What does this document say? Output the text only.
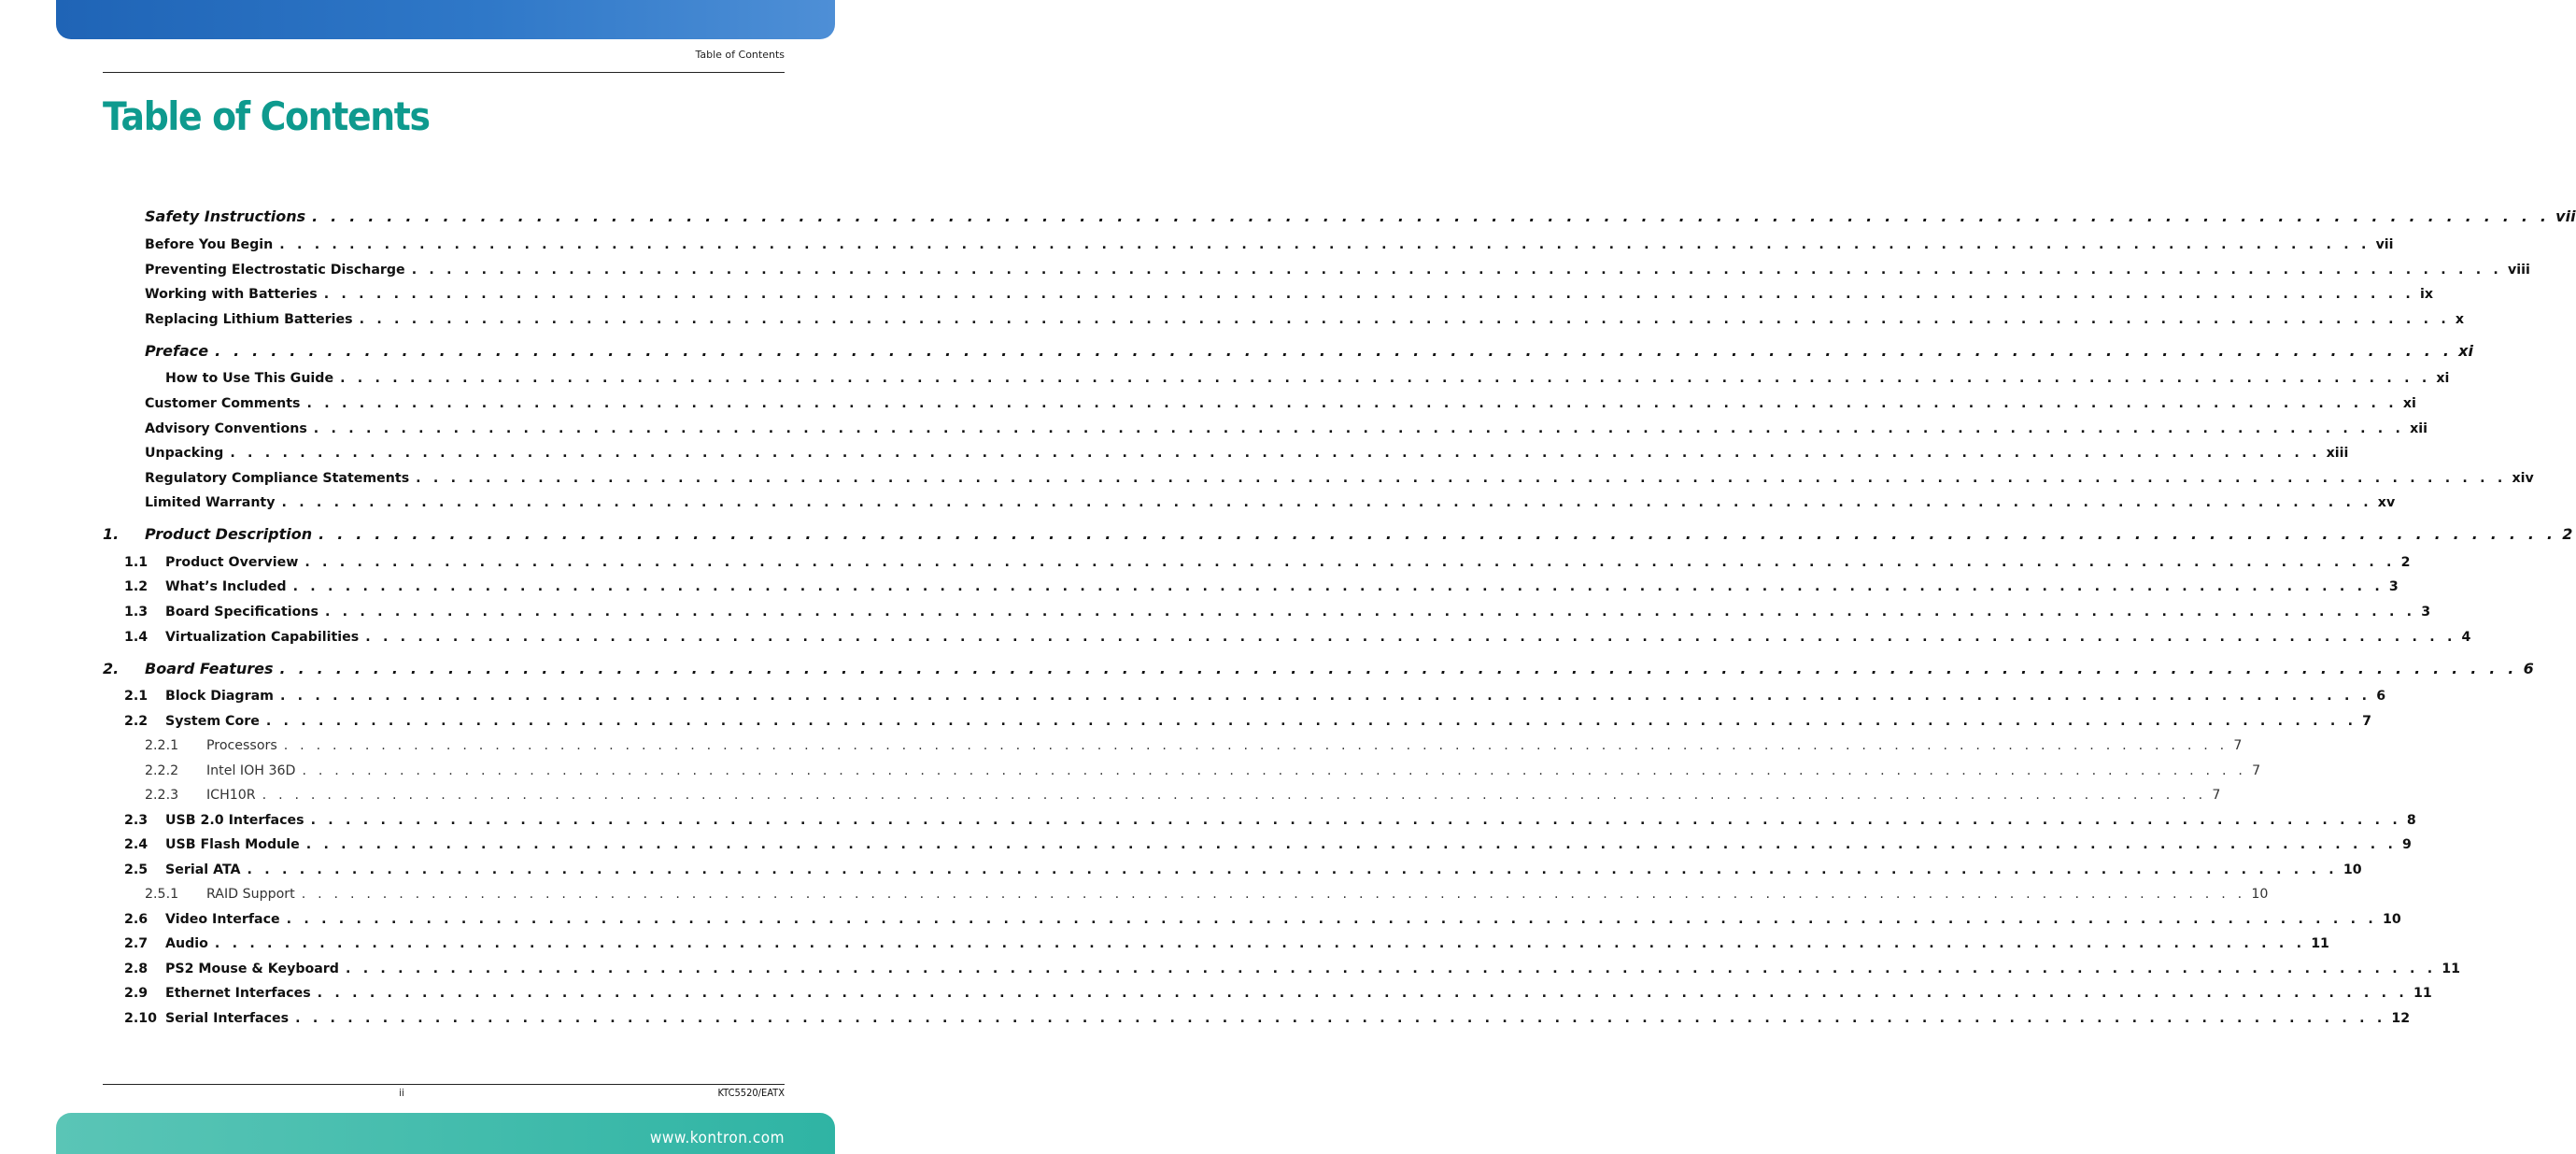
Table of Contents
Table of Contents
Safety Instructions . . . . . . . . . . . . . . . . . . . . . . . . . . . . . . . . . . . . . . . . . . . . . . . . . . . . . . . . . . . . . . . . . . . . . . . . . . . . . . . . . . . . . . . . . . . . . . . . . . . . . . . . . . . . . . . . . . . . . . . . vii
Before You Begin . . . . . . . . . . . . . . . . . . . . . . . . . . . . . . . . . . . . . . . . . . . . . . . . . . . . . . . . . . . . . . . . . . . . . . . . . . . . . . . . . . . . . . . . . . . . . . . . . . . . . . . . . . . . . . . . . . . . . . . . vii
Preventing Electrostatic Discharge . . . . . . . . . . . . . . . . . . . . . . . . . . . . . . . . . . . . . . . . . . . . . . . . . . . . . . . . . . . . . . . . . . . . . . . . . . . . . . . . . . . . . . . . . . . . . . . . . . . . . . . . . . . . . . . . . . . . . . . . viii
Working with Batteries . . . . . . . . . . . . . . . . . . . . . . . . . . . . . . . . . . . . . . . . . . . . . . . . . . . . . . . . . . . . . . . . . . . . . . . . . . . . . . . . . . . . . . . . . . . . . . . . . . . . . . . . . . . . . . . . . . . . . . . . ix
Replacing Lithium Batteries . . . . . . . . . . . . . . . . . . . . . . . . . . . . . . . . . . . . . . . . . . . . . . . . . . . . . . . . . . . . . . . . . . . . . . . . . . . . . . . . . . . . . . . . . . . . . . . . . . . . . . . . . . . . . . . . . . . . . . . . x
Preface . . . . . . . . . . . . . . . . . . . . . . . . . . . . . . . . . . . . . . . . . . . . . . . . . . . . . . . . . . . . . . . . . . . . . . . . . . . . . . . . . . . . . . . . . . . . . . . . . . . . . . . . . . . . . . . . . . . . . . . . xi
How to Use This Guide . . . . . . . . . . . . . . . . . . . . . . . . . . . . . . . . . . . . . . . . . . . . . . . . . . . . . . . . . . . . . . . . . . . . . . . . . . . . . . . . . . . . . . . . . . . . . . . . . . . . . . . . . . . . . . . . . . . . . . . . xi
Customer Comments . . . . . . . . . . . . . . . . . . . . . . . . . . . . . . . . . . . . . . . . . . . . . . . . . . . . . . . . . . . . . . . . . . . . . . . . . . . . . . . . . . . . . . . . . . . . . . . . . . . . . . . . . . . . . . . . . . . . . . . . xi
Advisory Conventions . . . . . . . . . . . . . . . . . . . . . . . . . . . . . . . . . . . . . . . . . . . . . . . . . . . . . . . . . . . . . . . . . . . . . . . . . . . . . . . . . . . . . . . . . . . . . . . . . . . . . . . . . . . . . . . . . . . . . . . . xii
Unpacking . . . . . . . . . . . . . . . . . . . . . . . . . . . . . . . . . . . . . . . . . . . . . . . . . . . . . . . . . . . . . . . . . . . . . . . . . . . . . . . . . . . . . . . . . . . . . . . . . . . . . . . . . . . . . . . . . . . . . . . . xiii
Regulatory Compliance Statements . . . . . . . . . . . . . . . . . . . . . . . . . . . . . . . . . . . . . . . . . . . . . . . . . . . . . . . . . . . . . . . . . . . . . . . . . . . . . . . . . . . . . . . . . . . . . . . . . . . . . . . . . . . . . . . . . . . . . . . . xiv
Limited Warranty . . . . . . . . . . . . . . . . . . . . . . . . . . . . . . . . . . . . . . . . . . . . . . . . . . . . . . . . . . . . . . . . . . . . . . . . . . . . . . . . . . . . . . . . . . . . . . . . . . . . . . . . . . . . . . . . . . . . . . . . xv
1. Product Description . . . . . . . . . . . . . . . . . . . . . . . . . . . . . . . . . . . . . . . . . . . . . . . . . . . . . . . . . . . . . . . . . . . . . . . . . . . . . . . . . . . . . . . . . . . . . . . . . . . . . . . . . . . . . . . . . . . . . . . . 2
1.1 Product Overview . . . . . . . . . . . . . . . . . . . . . . . . . . . . . . . . . . . . . . . . . . . . . . . . . . . . . . . . . . . . . . . . . . . . . . . . . . . . . . . . . . . . . . . . . . . . . . . . . . . . . . . . . . . . . . . . . . . . . . . . 2
1.2 What’s Included . . . . . . . . . . . . . . . . . . . . . . . . . . . . . . . . . . . . . . . . . . . . . . . . . . . . . . . . . . . . . . . . . . . . . . . . . . . . . . . . . . . . . . . . . . . . . . . . . . . . . . . . . . . . . . . . . . . . . . . . 3
1.3 Board Specifications . . . . . . . . . . . . . . . . . . . . . . . . . . . . . . . . . . . . . . . . . . . . . . . . . . . . . . . . . . . . . . . . . . . . . . . . . . . . . . . . . . . . . . . . . . . . . . . . . . . . . . . . . . . . . . . . . . . . . . . . 3
1.4 Virtualization Capabilities . . . . . . . . . . . . . . . . . . . . . . . . . . . . . . . . . . . . . . . . . . . . . . . . . . . . . . . . . . . . . . . . . . . . . . . . . . . . . . . . . . . . . . . . . . . . . . . . . . . . . . . . . . . . . . . . . . . . . . . . 4
2. Board Features . . . . . . . . . . . . . . . . . . . . . . . . . . . . . . . . . . . . . . . . . . . . . . . . . . . . . . . . . . . . . . . . . . . . . . . . . . . . . . . . . . . . . . . . . . . . . . . . . . . . . . . . . . . . . . . . . . . . . . . . 6
2.1 Block Diagram . . . . . . . . . . . . . . . . . . . . . . . . . . . . . . . . . . . . . . . . . . . . . . . . . . . . . . . . . . . . . . . . . . . . . . . . . . . . . . . . . . . . . . . . . . . . . . . . . . . . . . . . . . . . . . . . . . . . . . . . 6
2.2 System Core . . . . . . . . . . . . . . . . . . . . . . . . . . . . . . . . . . . . . . . . . . . . . . . . . . . . . . . . . . . . . . . . . . . . . . . . . . . . . . . . . . . . . . . . . . . . . . . . . . . . . . . . . . . . . . . . . . . . . . . . 7
2.2.1 Processors . . . . . . . . . . . . . . . . . . . . . . . . . . . . . . . . . . . . . . . . . . . . . . . . . . . . . . . . . . . . . . . . . . . . . . . . . . . . . . . . . . . . . . . . . . . . . . . . . . . . . . . . . . . . . . . . . . . . . . . . 7
2.2.2 Intel IOH 36D . . . . . . . . . . . . . . . . . . . . . . . . . . . . . . . . . . . . . . . . . . . . . . . . . . . . . . . . . . . . . . . . . . . . . . . . . . . . . . . . . . . . . . . . . . . . . . . . . . . . . . . . . . . . . . . . . . . . . . . . 7
2.2.3 ICH10R . . . . . . . . . . . . . . . . . . . . . . . . . . . . . . . . . . . . . . . . . . . . . . . . . . . . . . . . . . . . . . . . . . . . . . . . . . . . . . . . . . . . . . . . . . . . . . . . . . . . . . . . . . . . . . . . . . . . . . . . 7
2.3 USB 2.0 Interfaces . . . . . . . . . . . . . . . . . . . . . . . . . . . . . . . . . . . . . . . . . . . . . . . . . . . . . . . . . . . . . . . . . . . . . . . . . . . . . . . . . . . . . . . . . . . . . . . . . . . . . . . . . . . . . . . . . . . . . . . . 8
2.4 USB Flash Module . . . . . . . . . . . . . . . . . . . . . . . . . . . . . . . . . . . . . . . . . . . . . . . . . . . . . . . . . . . . . . . . . . . . . . . . . . . . . . . . . . . . . . . . . . . . . . . . . . . . . . . . . . . . . . . . . . . . . . . . 9
2.5 Serial ATA . . . . . . . . . . . . . . . . . . . . . . . . . . . . . . . . . . . . . . . . . . . . . . . . . . . . . . . . . . . . . . . . . . . . . . . . . . . . . . . . . . . . . . . . . . . . . . . . . . . . . . . . . . . . . . . . . . . . . . . . 10
2.5.1 RAID Support . . . . . . . . . . . . . . . . . . . . . . . . . . . . . . . . . . . . . . . . . . . . . . . . . . . . . . . . . . . . . . . . . . . . . . . . . . . . . . . . . . . . . . . . . . . . . . . . . . . . . . . . . . . . . . . . . . . . . . . . 10
2.6 Video Interface . . . . . . . . . . . . . . . . . . . . . . . . . . . . . . . . . . . . . . . . . . . . . . . . . . . . . . . . . . . . . . . . . . . . . . . . . . . . . . . . . . . . . . . . . . . . . . . . . . . . . . . . . . . . . . . . . . . . . . . . 10
2.7 Audio . . . . . . . . . . . . . . . . . . . . . . . . . . . . . . . . . . . . . . . . . . . . . . . . . . . . . . . . . . . . . . . . . . . . . . . . . . . . . . . . . . . . . . . . . . . . . . . . . . . . . . . . . . . . . . . . . . . . . . . . 11
2.8 PS2 Mouse & Keyboard . . . . . . . . . . . . . . . . . . . . . . . . . . . . . . . . . . . . . . . . . . . . . . . . . . . . . . . . . . . . . . . . . . . . . . . . . . . . . . . . . . . . . . . . . . . . . . . . . . . . . . . . . . . . . . . . . . . . . . . . 11
2.9 Ethernet Interfaces . . . . . . . . . . . . . . . . . . . . . . . . . . . . . . . . . . . . . . . . . . . . . . . . . . . . . . . . . . . . . . . . . . . . . . . . . . . . . . . . . . . . . . . . . . . . . . . . . . . . . . . . . . . . . . . . . . . . . . . . 11
2.10 Serial Interfaces . . . . . . . . . . . . . . . . . . . . . . . . . . . . . . . . . . . . . . . . . . . . . . . . . . . . . . . . . . . . . . . . . . . . . . . . . . . . . . . . . . . . . . . . . . . . . . . . . . . . . . . . . . . . . . . . . . . . . . . . 12
ii	KTC5520/EATX
www.kontron.com
